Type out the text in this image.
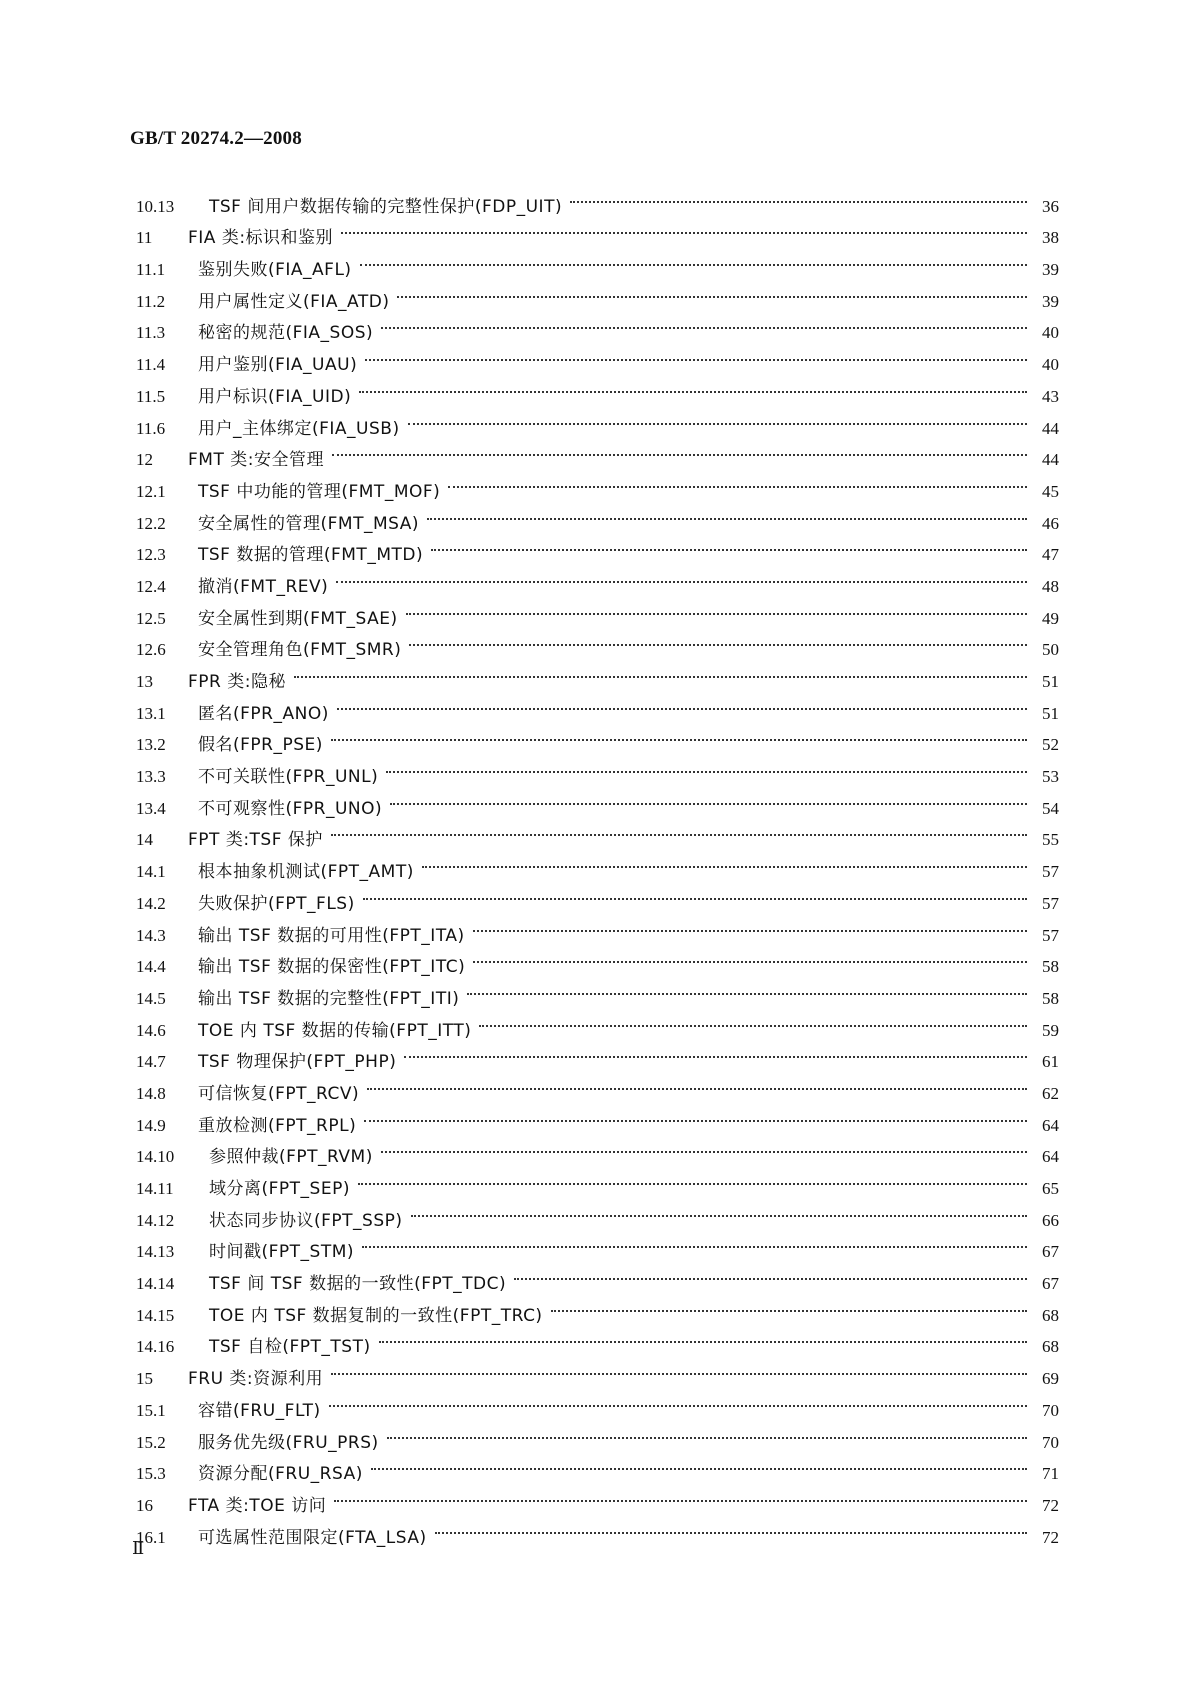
GB/T 20274.2—2008
10.13	TSF 间用户数据传输的完整性保护(FDP_UIT)	36
11	FIA 类:标识和鉴别	38
11.1	鉴别失败(FIA_AFL)	39
11.2	用户属性定义(FIA_ATD)	39
11.3	秘密的规范(FIA_SOS)	40
11.4	用户鉴别(FIA_UAU)	40
11.5	用户标识(FIA_UID)	43
11.6	用户_主体绑定(FIA_USB)	44
12	FMT 类:安全管理	44
12.1	TSF 中功能的管理(FMT_MOF)	45
12.2	安全属性的管理(FMT_MSA)	46
12.3	TSF 数据的管理(FMT_MTD)	47
12.4	撤消(FMT_REV)	48
12.5	安全属性到期(FMT_SAE)	49
12.6	安全管理角色(FMT_SMR)	50
13	FPR 类:隐秘	51
13.1	匿名(FPR_ANO)	51
13.2	假名(FPR_PSE)	52
13.3	不可关联性(FPR_UNL)	53
13.4	不可观察性(FPR_UNO)	54
14	FPT 类:TSF 保护	55
14.1	根本抽象机测试(FPT_AMT)	57
14.2	失败保护(FPT_FLS)	57
14.3	输出 TSF 数据的可用性(FPT_ITA)	57
14.4	输出 TSF 数据的保密性(FPT_ITC)	58
14.5	输出 TSF 数据的完整性(FPT_ITI)	58
14.6	TOE 内 TSF 数据的传输(FPT_ITT)	59
14.7	TSF 物理保护(FPT_PHP)	61
14.8	可信恢复(FPT_RCV)	62
14.9	重放检测(FPT_RPL)	64
14.10	参照仲裁(FPT_RVM)	64
14.11	域分离(FPT_SEP)	65
14.12	状态同步协议(FPT_SSP)	66
14.13	时间戳(FPT_STM)	67
14.14	TSF 间 TSF 数据的一致性(FPT_TDC)	67
14.15	TOE 内 TSF 数据复制的一致性(FPT_TRC)	68
14.16	TSF 自检(FPT_TST)	68
15	FRU 类:资源利用	69
15.1	容错(FRU_FLT)	70
15.2	服务优先级(FRU_PRS)	70
15.3	资源分配(FRU_RSA)	71
16	FTA 类:TOE 访问	72
16.1	可选属性范围限定(FTA_LSA)	72
Ⅱ
